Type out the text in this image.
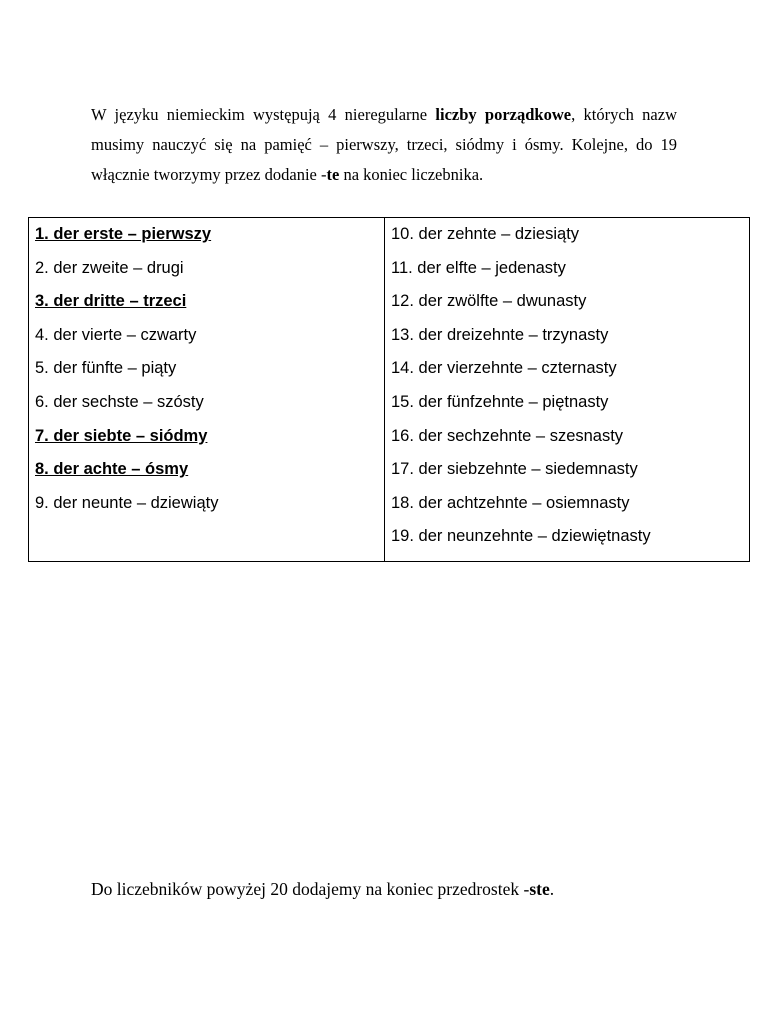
W języku niemieckim występują 4 nieregularne liczby porządkowe, których nazw musimy nauczyć się na pamięć – pierwszy, trzeci, siódmy i ósmy. Kolejne, do 19 włącznie tworzymy przez dodanie -te na koniec liczebnika.

1. der erste – pierwszy
2. der zweite – drugi
3. der dritte – trzeci
4. der vierte – czwarty
5. der fünfte – piąty
6. der sechste – szósty
7. der siebte – siódmy
8. der achte – ósmy
9. der neunte – dziewiąty

10. der zehnte – dziesiąty
11. der elfte – jedenasty
12. der zwölfte – dwunasty
13. der dreizehnte – trzynasty
14. der vierzehnte – czternasty
15. der fünfzehnte – piętnasty
16. der sechzehnte – szesnasty
17. der siebzehnte – siedemnasty
18. der achtzehnte – osiemnasty
19. der neunzehnte – dziewiętnasty

Do liczebników powyżej 20 dodajemy na koniec przedrostek -ste.
